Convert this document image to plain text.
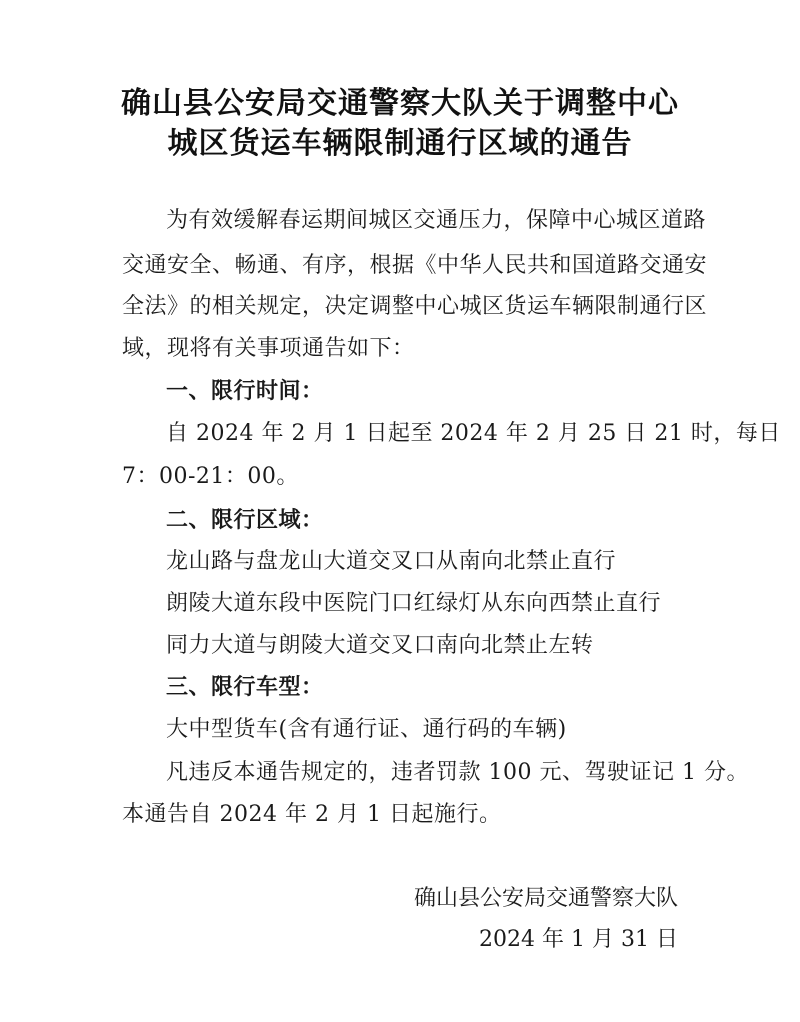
确山县公安局交通警察大队关于调整中心
城区货运车辆限制通行区域的通告
为有效缓解春运期间城区交通压力，保障中心城区道路
交通安全、畅通、有序，根据《中华人民共和国道路交通安
全法》的相关规定，决定调整中心城区货运车辆限制通行区
域，现将有关事项通告如下：
一、限行时间：
自 2024 年 2 月 1 日起至 2024 年 2 月 25 日 21 时，每日
7：00-21：00。
二、限行区域：
龙山路与盘龙山大道交叉口从南向北禁止直行
朗陵大道东段中医院门口红绿灯从东向西禁止直行
同力大道与朗陵大道交叉口南向北禁止左转
三、限行车型：
大中型货车(含有通行证、通行码的车辆)
凡违反本通告规定的，违者罚款 100 元、驾驶证记 1 分。
本通告自 2024 年 2 月 1 日起施行。
确山县公安局交通警察大队
2024 年 1 月 31 日
